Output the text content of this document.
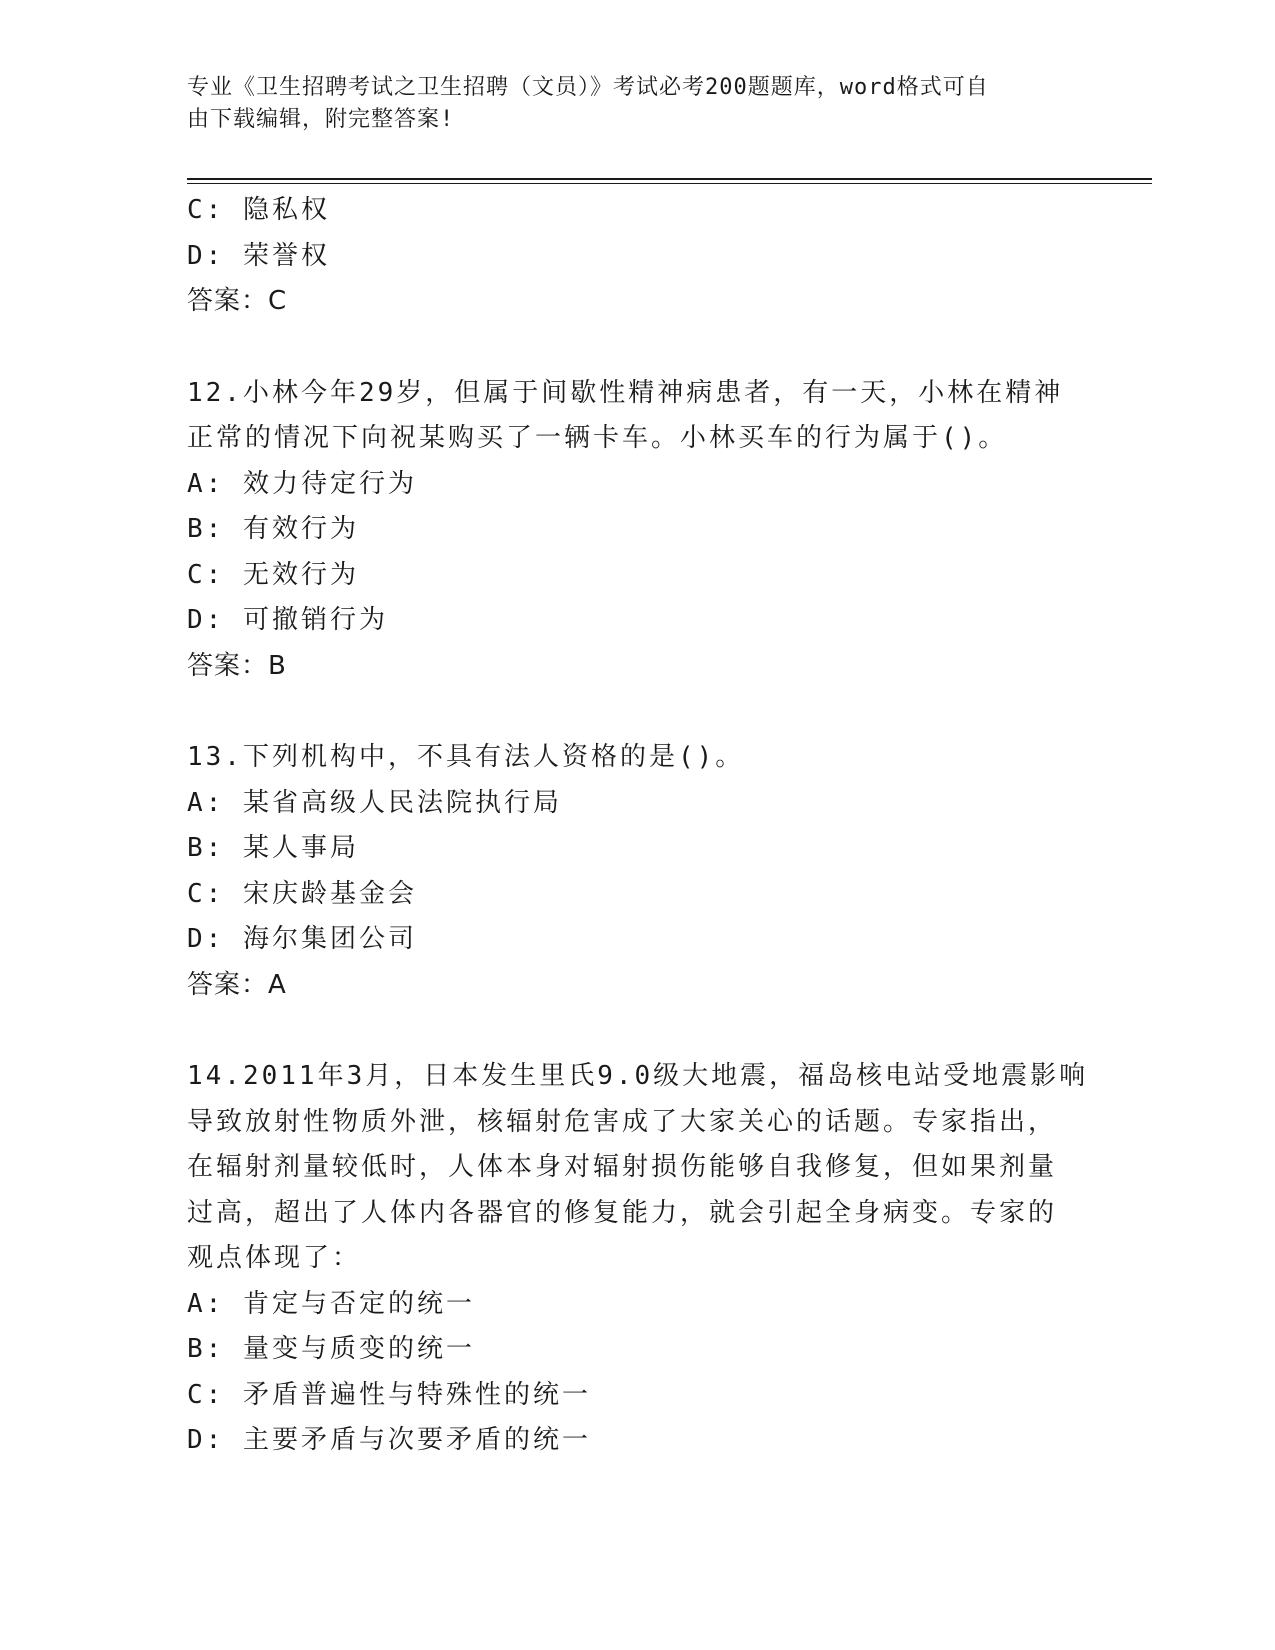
专业《卫生招聘考试之卫生招聘（文员）》考试必考200题题库，word格式可自
由下载编辑，附完整答案!
C: 隐私权
D: 荣誉权
答案：C
12.小林今年29岁，但属于间歇性精神病患者，有一天，小林在精神
正常的情况下向祝某购买了一辆卡车。小林买车的行为属于()。
A: 效力待定行为
B: 有效行为
C: 无效行为
D: 可撤销行为
答案：B
13.下列机构中，不具有法人资格的是()。
A: 某省高级人民法院执行局
B: 某人事局
C: 宋庆龄基金会
D: 海尔集团公司
答案：A
14.2011年3月，日本发生里氏9.0级大地震，福岛核电站受地震影响
导致放射性物质外泄，核辐射危害成了大家关心的话题。专家指出，
在辐射剂量较低时，人体本身对辐射损伤能够自我修复，但如果剂量
过高，超出了人体内各器官的修复能力，就会引起全身病变。专家的
观点体现了：
A: 肯定与否定的统一
B: 量变与质变的统一
C: 矛盾普遍性与特殊性的统一
D: 主要矛盾与次要矛盾的统一
